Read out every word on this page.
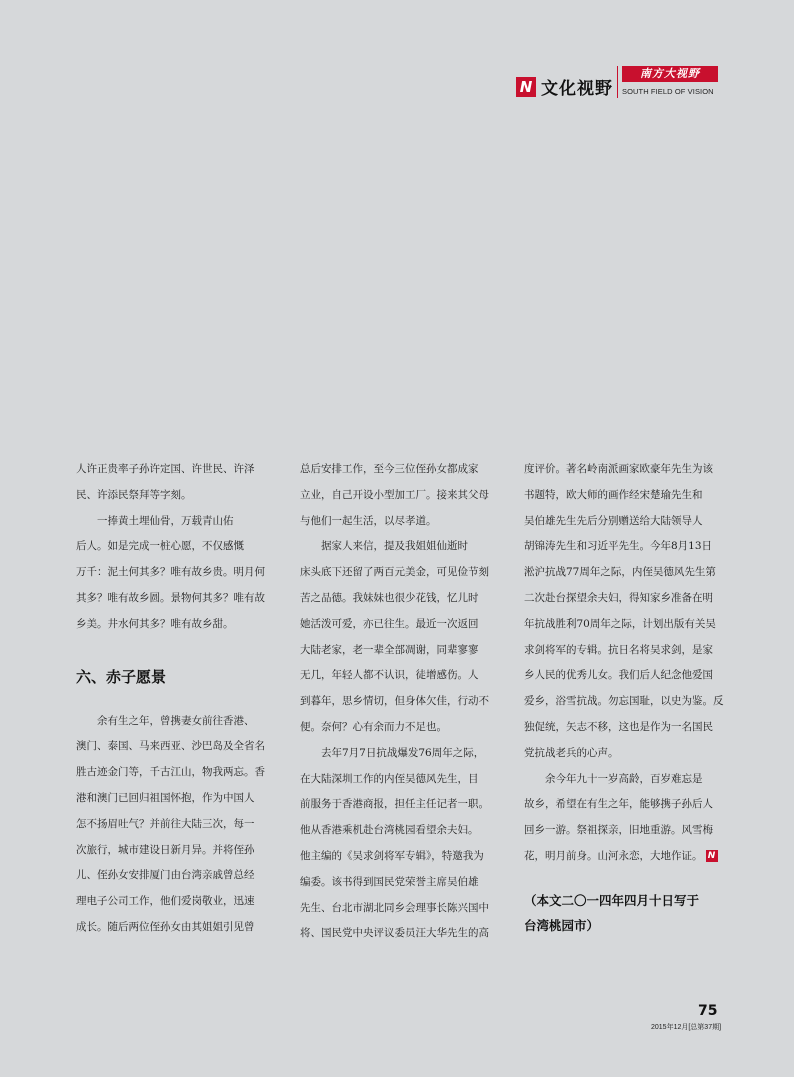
N 文化视野
南方大视野
SOUTH FIELD OF VISION

人许正贵率子孙许定国、许世民、许泽
民、许添民祭拜等字刻。

一捧黄土埋仙骨，万载青山佑
后人。如是完成一桩心愿，不仅感慨
万千：泥土何其多？唯有故乡贵。明月何
其多？唯有故乡圆。景物何其多？唯有故
乡美。井水何其多？唯有故乡甜。

六、赤子愿景

余有生之年，曾携妻女前往香港、
澳门、泰国、马来西亚、沙巴岛及全省名
胜古迹金门等，千古江山，物我两忘。香
港和澳门已回归祖国怀抱，作为中国人
怎不扬眉吐气？并前往大陆三次，每一
次旅行，城市建设日新月异。并将侄孙
儿、侄孙女安排厦门由台湾亲戚曾总经
理电子公司工作，他们爱岗敬业，迅速
成长。随后两位侄孙女由其姐姐引见曾

总后安排工作，至今三位侄孙女都成家
立业，自己开设小型加工厂。接来其父母
与他们一起生活，以尽孝道。

据家人来信，提及我姐姐仙逝时
床头底下还留了两百元美金，可见俭节刻
苦之品德。我妹妹也很少花钱，忆儿时
她活泼可爱，亦已往生。最近一次返回
大陆老家，老一辈全部凋谢，同辈寥寥
无几，年轻人都不认识，徒增感伤。人
到暮年，思乡情切，但身体欠佳，行动不
便。奈何？心有余而力不足也。

去年7月7日抗战爆发76周年之际，
在大陆深圳工作的内侄吴德风先生，目
前服务于香港商报，担任主任记者一职。
他从香港乘机赴台湾桃园看望余夫妇。
他主编的《吴求剑将军专辑》，特邀我为
编委。该书得到国民党荣誉主席吴伯雄
先生、台北市湖北同乡会理事长陈兴国中
将、国民党中央评议委员汪大华先生的高

度评价。著名岭南派画家欧豪年先生为该
书题特，欧大师的画作经宋楚瑜先生和
吴伯雄先生先后分别赠送给大陆领导人
胡锦涛先生和习近平先生。今年8月13日
淞沪抗战77周年之际，内侄吴德风先生第
二次赴台探望余夫妇，得知家乡准备在明
年抗战胜利70周年之际，计划出版有关吴
求剑将军的专辑。抗日名将吴求剑，是家
乡人民的优秀儿女。我们后人纪念他爱国
爱乡，浴雪抗战。勿忘国耻，以史为鉴。反
独促统，矢志不移，这也是作为一名国民
党抗战老兵的心声。

余今年九十一岁高龄，百岁难忘是
故乡，希望在有生之年，能够携子孙后人
回乡一游。祭祖探亲，旧地重游。风雪梅
花，明月前身。山河永恋，大地作证。 N

（本文二〇一四年四月十日写于
台湾桃园市）
75
2015年12月[总第37期]
